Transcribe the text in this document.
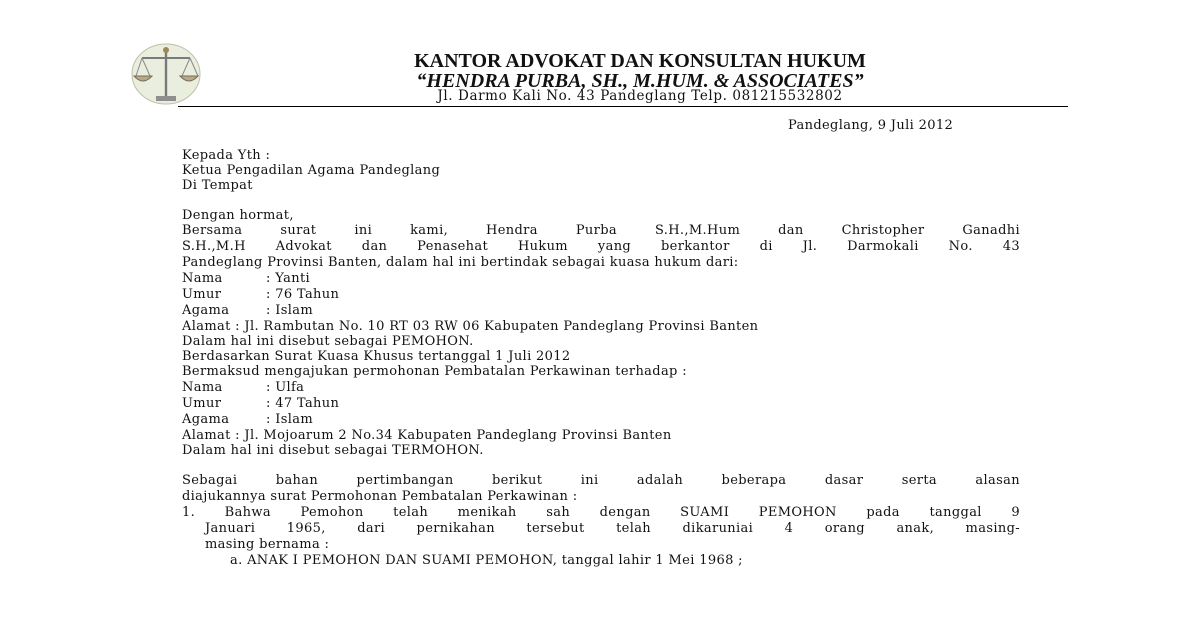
KANTOR ADVOKAT DAN KONSULTAN HUKUM
“HENDRA PURBA, SH., M.HUM. & ASSOCIATES”
Jl. Darmo Kali No. 43 Pandeglang Telp. 081215532802
Pandeglang, 9 Juli 2012
Kepada Yth :
Ketua Pengadilan Agama Pandeglang
Di Tempat
Dengan hormat,
Bersama surat ini kami, Hendra Purba S.H.,M.Hum dan Christopher Ganadhi
S.H.,M.H Advokat dan Penasehat Hukum yang berkantor di Jl. Darmokali No. 43
Pandeglang Provinsi Banten, dalam hal ini bertindak sebagai kuasa hukum dari:
Nama	: Yanti
Umur	: 76 Tahun
Agama	: Islam
Alamat : Jl. Rambutan No. 10 RT 03 RW 06 Kabupaten Pandeglang Provinsi Banten
Dalam hal ini disebut sebagai PEMOHON.
Berdasarkan Surat Kuasa Khusus tertanggal 1 Juli 2012
Bermaksud mengajukan permohonan Pembatalan Perkawinan terhadap :
Nama	: Ulfa
Umur	: 47 Tahun
Agama	: Islam
Alamat : Jl. Mojoarum 2 No.34 Kabupaten Pandeglang Provinsi Banten
Dalam hal ini disebut sebagai TERMOHON.
Sebagai bahan pertimbangan berikut ini adalah beberapa dasar serta alasan
diajukannya surat Permohonan Pembatalan Perkawinan :
1. Bahwa Pemohon telah menikah sah dengan SUAMI PEMOHON pada tanggal 9
Januari 1965, dari pernikahan tersebut telah dikaruniai 4 orang anak, masing-
masing bernama :
a. ANAK I PEMOHON DAN SUAMI PEMOHON, tanggal lahir 1 Mei 1968 ;
